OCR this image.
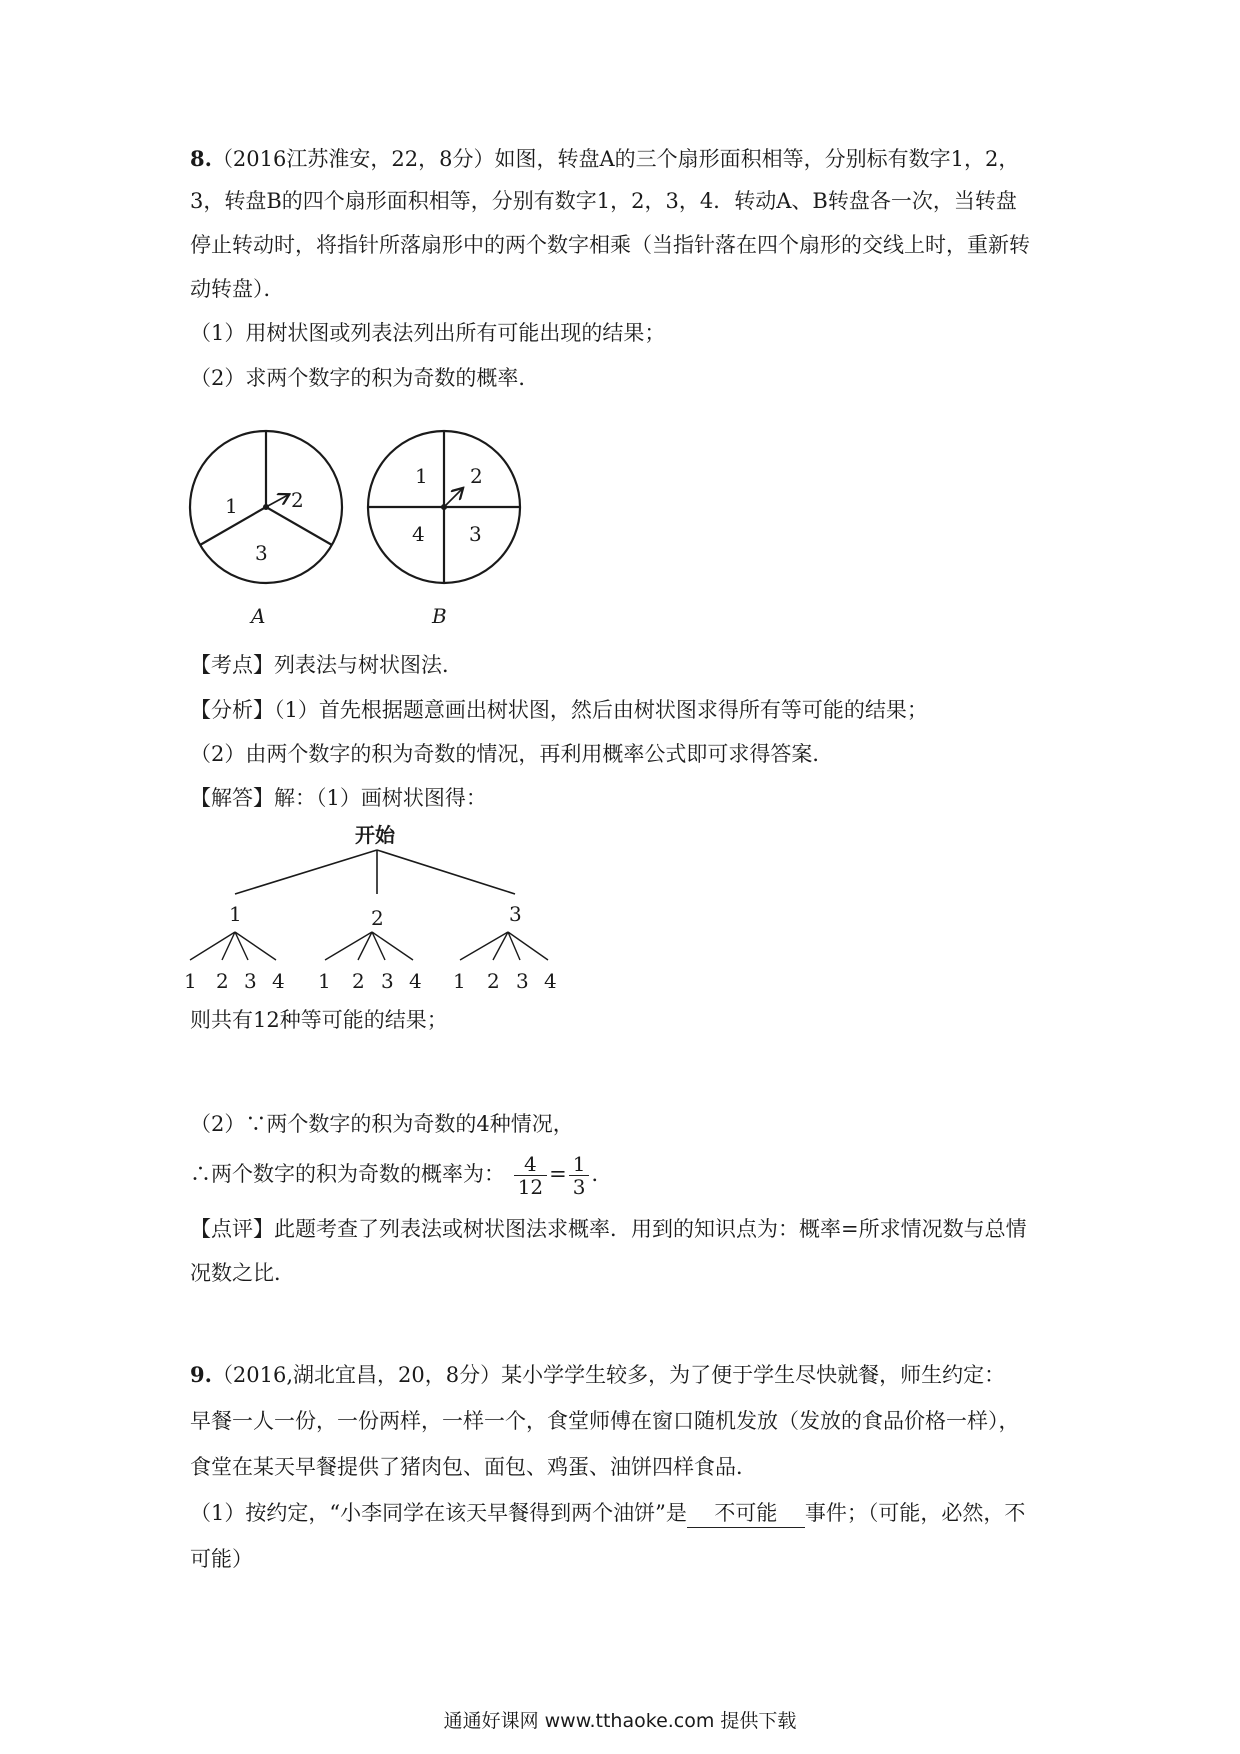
8.（2016江苏淮安，22，8分）如图，转盘A的三个扇形面积相等，分别标有数字1，2，
3，转盘B的四个扇形面积相等，分别有数字1，2，3，4．转动A、B转盘各一次，当转盘
停止转动时，将指针所落扇形中的两个数字相乘（当指针落在四个扇形的交线上时，重新转
动转盘）．
（1）用树状图或列表法列出所有可能出现的结果；
（2）求两个数字的积为奇数的概率．
1	2
3
A
1 2
4 3
B
【考点】列表法与树状图法．
【分析】（1）首先根据题意画出树状图，然后由树状图求得所有等可能的结果；
（2）由两个数字的积为奇数的情况，再利用概率公式即可求得答案．
【解答】解：（1）画树状图得：
开始
1	2	3
1 2 3 4 1 2 3 4 1 2 3 4
则共有12种等可能的结果；
（2）∵两个数字的积为奇数的4种情况，
∴两个数字的积为奇数的概率为： $\frac{4}{12} = \frac{1}{3}$ ．
【点评】此题考查了列表法或树状图法求概率．用到的知识点为：概率=所求情况数与总情
况数之比．
9.（2016,湖北宜昌，20，8分）某小学学生较多，为了便于学生尽快就餐，师生约定：
早餐一人一份，一份两样，一样一个，食堂师傅在窗口随机发放（发放的食品价格一样），
食堂在某天早餐提供了猪肉包、面包、鸡蛋、油饼四样食品．
（1）按约定，“小李同学在该天早餐得到两个油饼”是 不可能 事件；（可能，必然，不
可能）
通通好课网 www.tthaoke.com 提供下载
